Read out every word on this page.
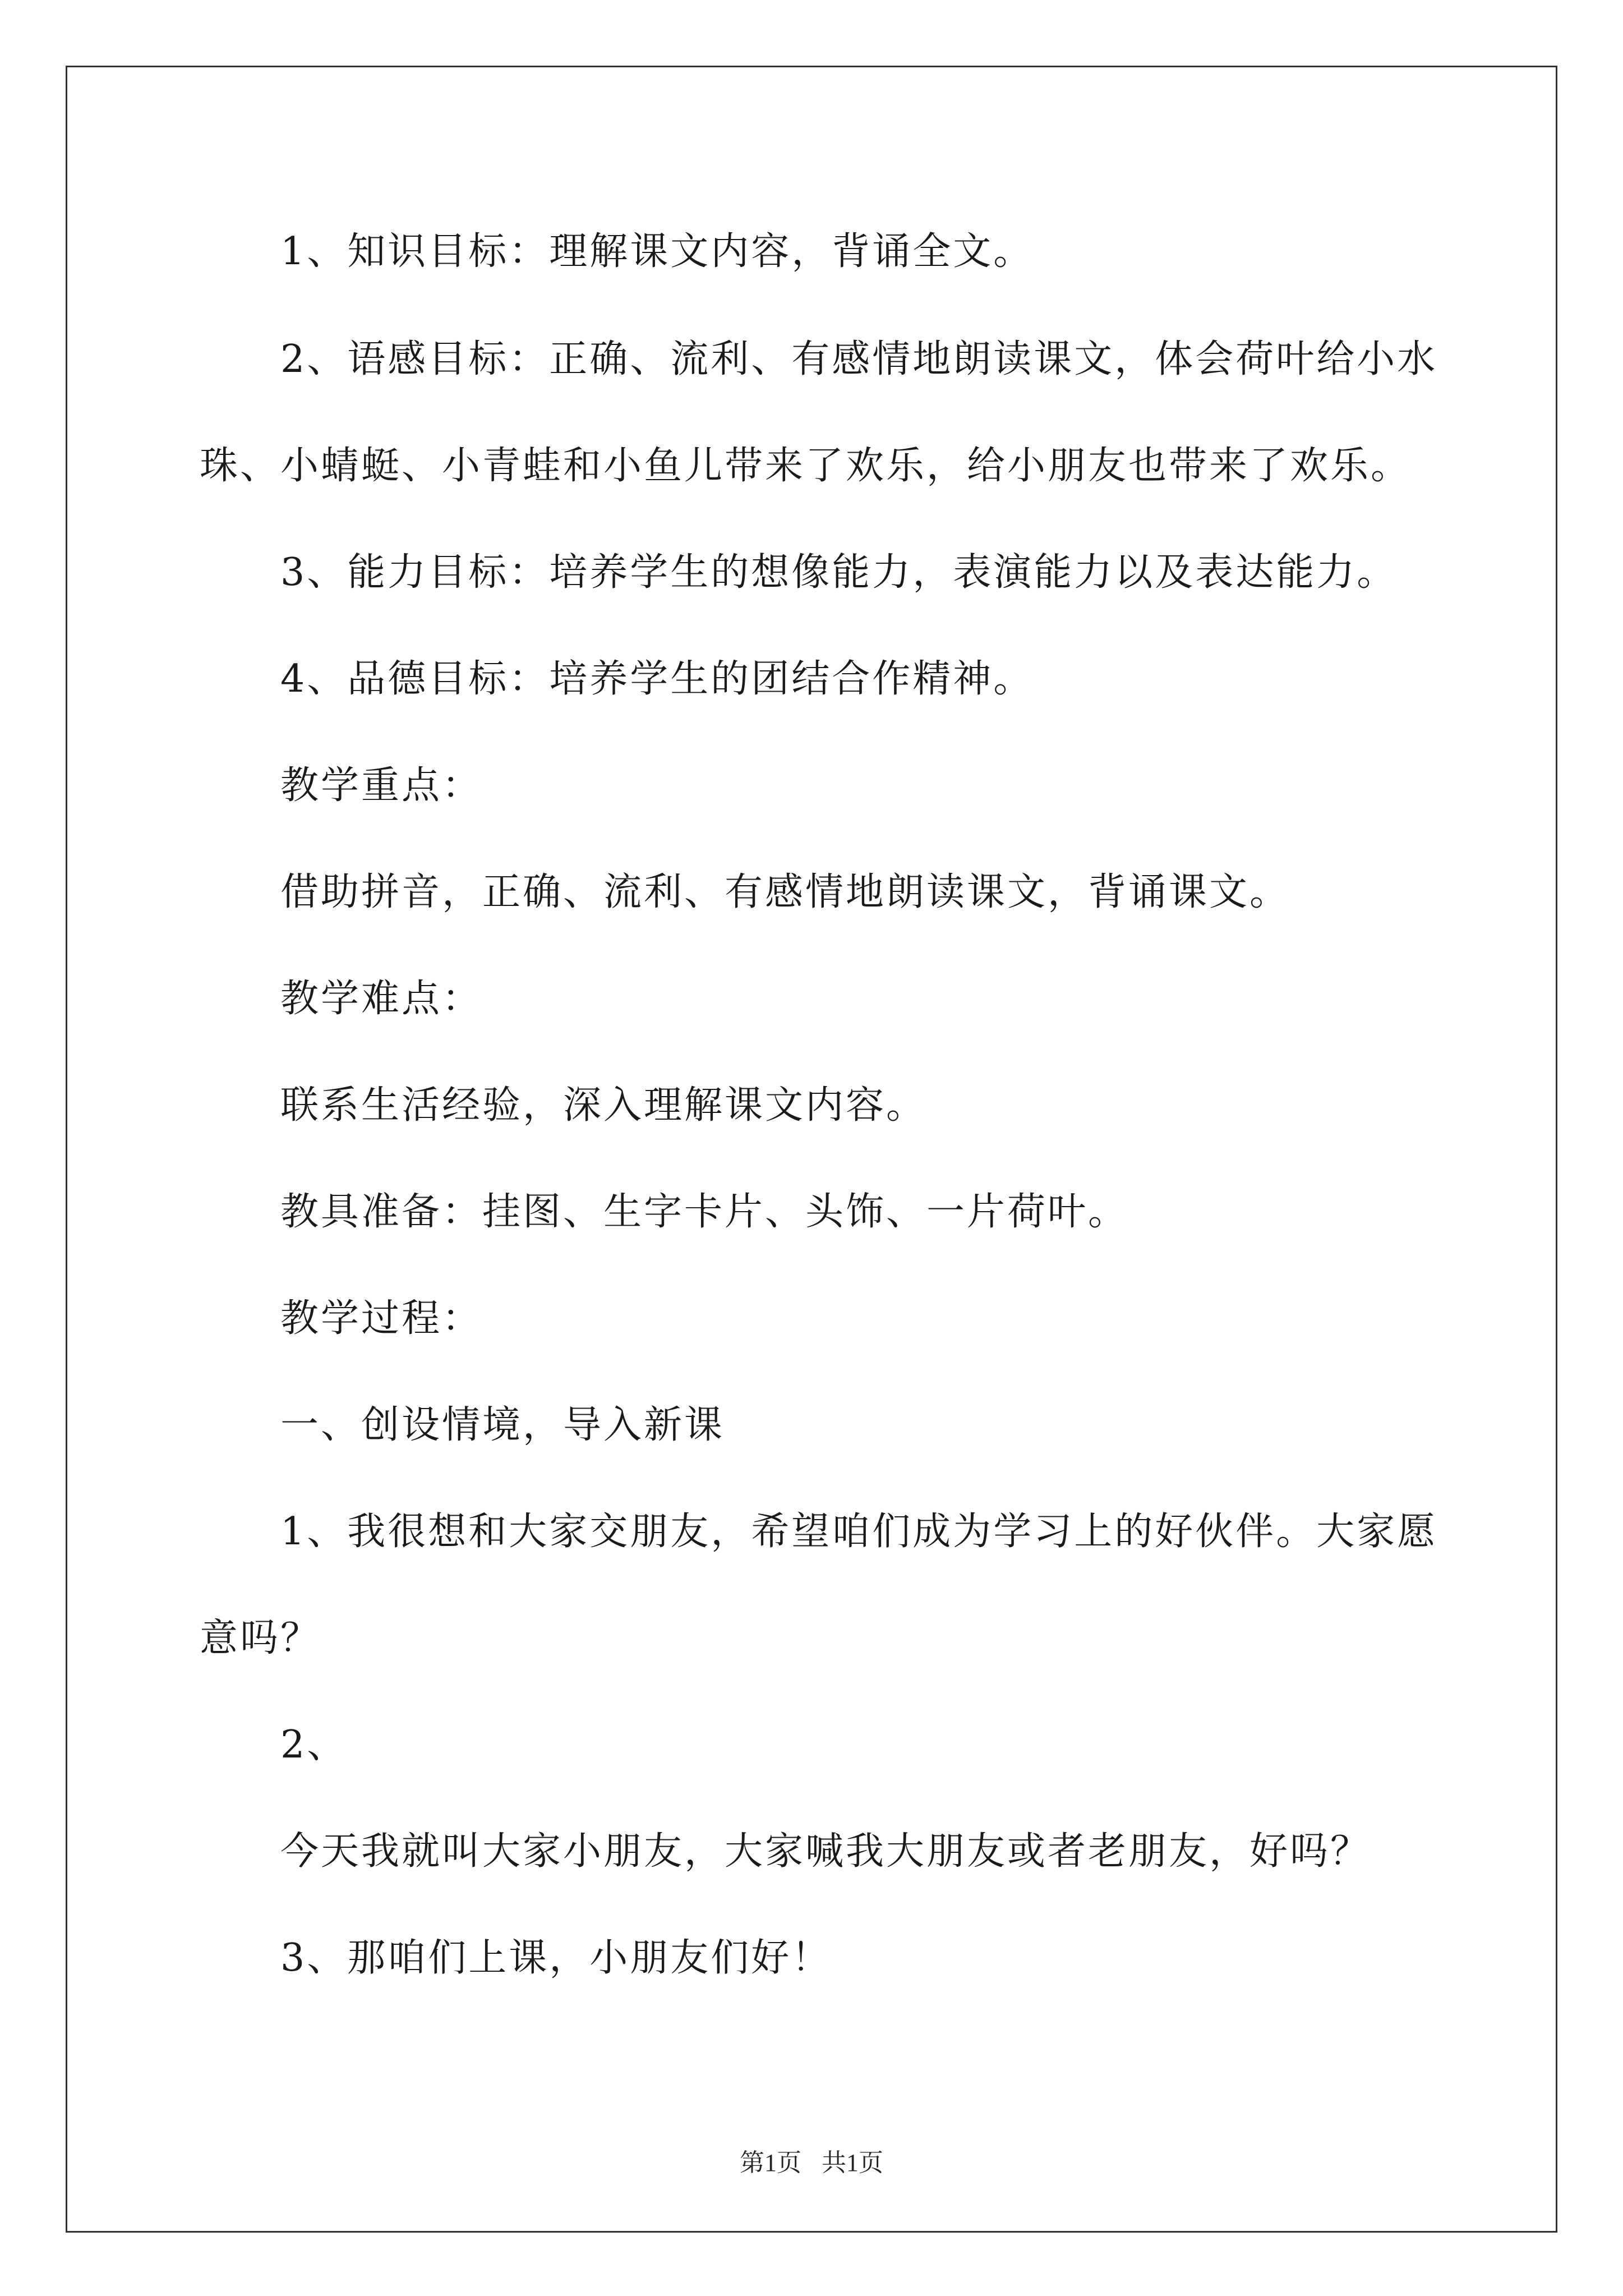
1、知识目标：理解课文内容，背诵全文。
2、语感目标：正确、流利、有感情地朗读课文，体会荷叶给小水
珠、小蜻蜓、小青蛙和小鱼儿带来了欢乐，给小朋友也带来了欢乐。
3、能力目标：培养学生的想像能力，表演能力以及表达能力。
4、品德目标：培养学生的团结合作精神。
教学重点：
借助拼音，正确、流利、有感情地朗读课文，背诵课文。
教学难点：
联系生活经验，深入理解课文内容。
教具准备：挂图、生字卡片、头饰、一片荷叶。
教学过程：
一、创设情境，导入新课
1、我很想和大家交朋友，希望咱们成为学习上的好伙伴。大家愿
意吗？
2、
今天我就叫大家小朋友，大家喊我大朋友或者老朋友，好吗？
3、那咱们上课，小朋友们好！
第1页 共1页
